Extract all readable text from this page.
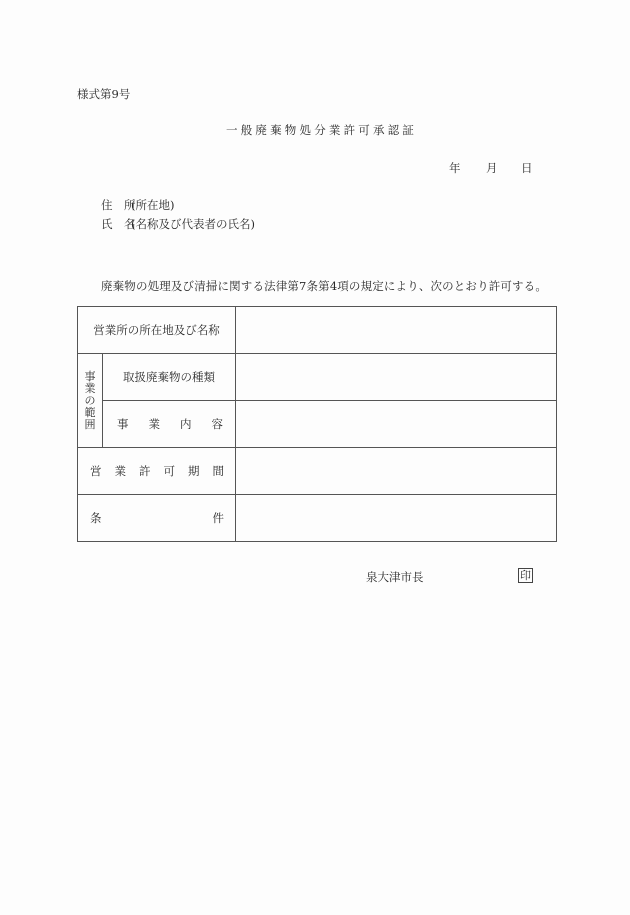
様式第9号
一般廃棄物処分業許可承認証
年 月 日
住　所(所在地)
氏　名(名称及び代表者の氏名)
廃棄物の処理及び清掃に関する法律第7条第4項の規定により、次のとおり許可する。
営業所の所在地及び名称		
事業の範囲	取扱廃棄物の種類	

	事 業 内 容	

営 業 許 可 期 間

条 件		

泉大津市長	印
